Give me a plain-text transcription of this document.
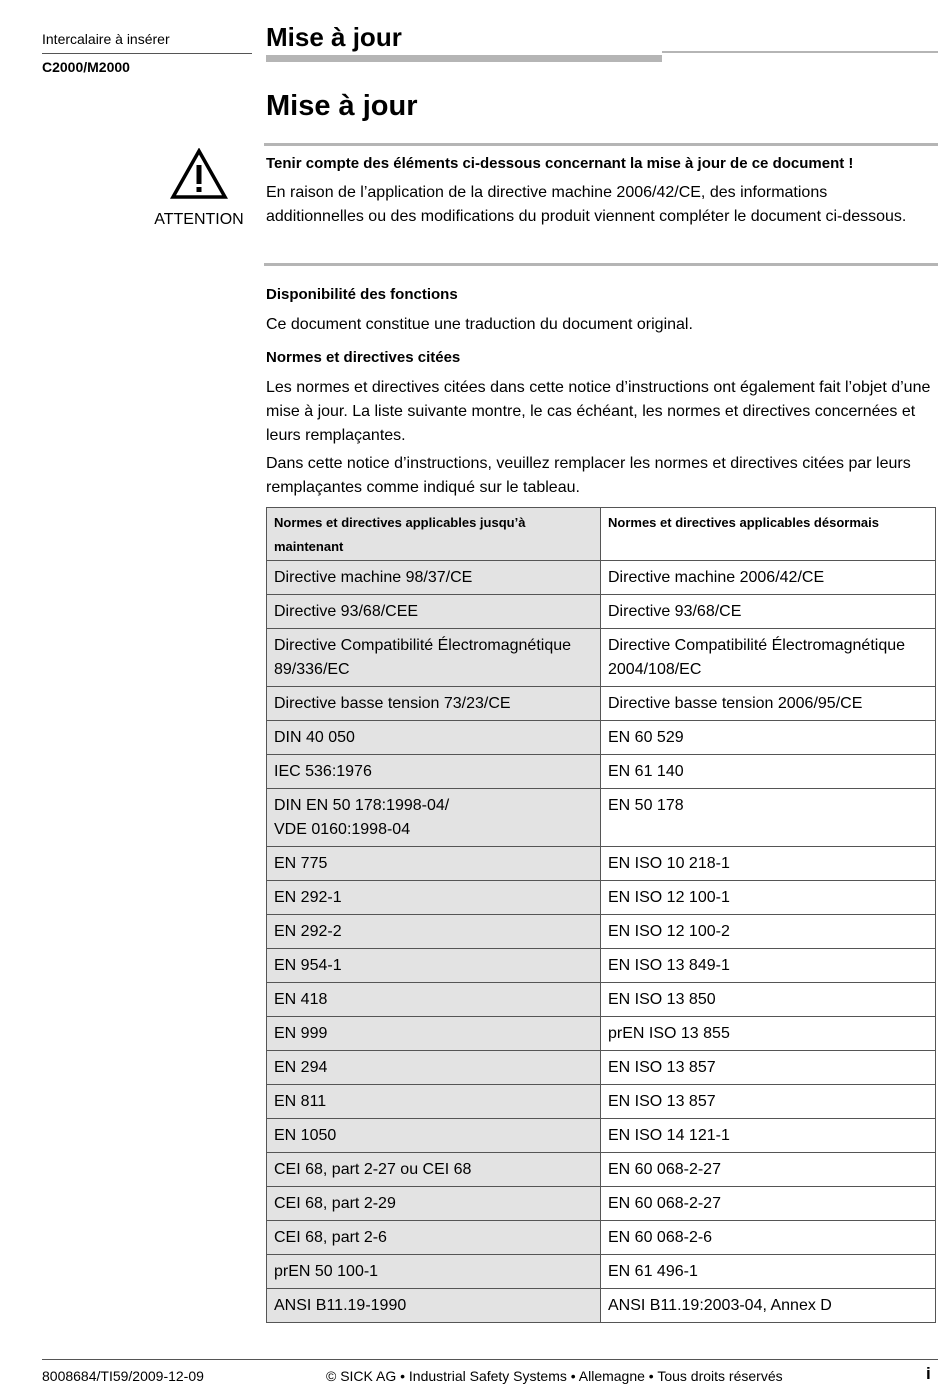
Intercalaire à insérer
C2000/M2000
Mise à jour
Mise à jour
ATTENTION
Tenir compte des éléments ci-dessous concernant la mise à jour de ce document !
En raison de l’application de la directive machine 2006/42/CE, des informations additionnelles ou des modifications du produit viennent compléter le document ci-dessous.
Disponibilité des fonctions
Ce document constitue une traduction du document original.
Normes et directives citées
Les normes et directives citées dans cette notice d’instructions ont également fait l’objet d’une mise à jour. La liste suivante montre, le cas échéant, les normes et directives concernées et leurs remplaçantes.
Dans cette notice d’instructions, veuillez remplacer les normes et directives citées par leurs remplaçantes comme indiqué sur le tableau.
Normes et directives applicables jusqu’à maintenant	Normes et directives applicables désormais
Directive machine 98/37/CE	Directive machine 2006/42/CE
Directive 93/68/CEE	Directive 93/68/CE
Directive Compatibilité Électromagnétique 89/336/EC	Directive Compatibilité Électromagnétique 2004/108/EC
Directive basse tension 73/23/CE	Directive basse tension 2006/95/CE
DIN 40 050	EN 60 529
IEC 536:1976	EN 61 140
DIN EN 50 178:1998-04/
VDE 0160:1998-04	EN 50 178
EN 775	EN ISO 10 218-1
EN 292-1	EN ISO 12 100-1
EN 292-2	EN ISO 12 100-2
EN 954-1	EN ISO 13 849-1
EN 418	EN ISO 13 850
EN 999	prEN ISO 13 855
EN 294	EN ISO 13 857
EN 811	EN ISO 13 857
EN 1050	EN ISO 14 121-1
CEI 68, part 2-27 ou CEI 68	EN 60 068-2-27
CEI 68, part 2-29	EN 60 068-2-27
CEI 68, part 2-6	EN 60 068-2-6
prEN 50 100-1	EN 61 496-1
ANSI B11.19-1990	ANSI B11.19:2003-04, Annex D
8008684/TI59/2009-12-09	© SICK AG • Industrial Safety Systems • Allemagne • Tous droits réservés	i
